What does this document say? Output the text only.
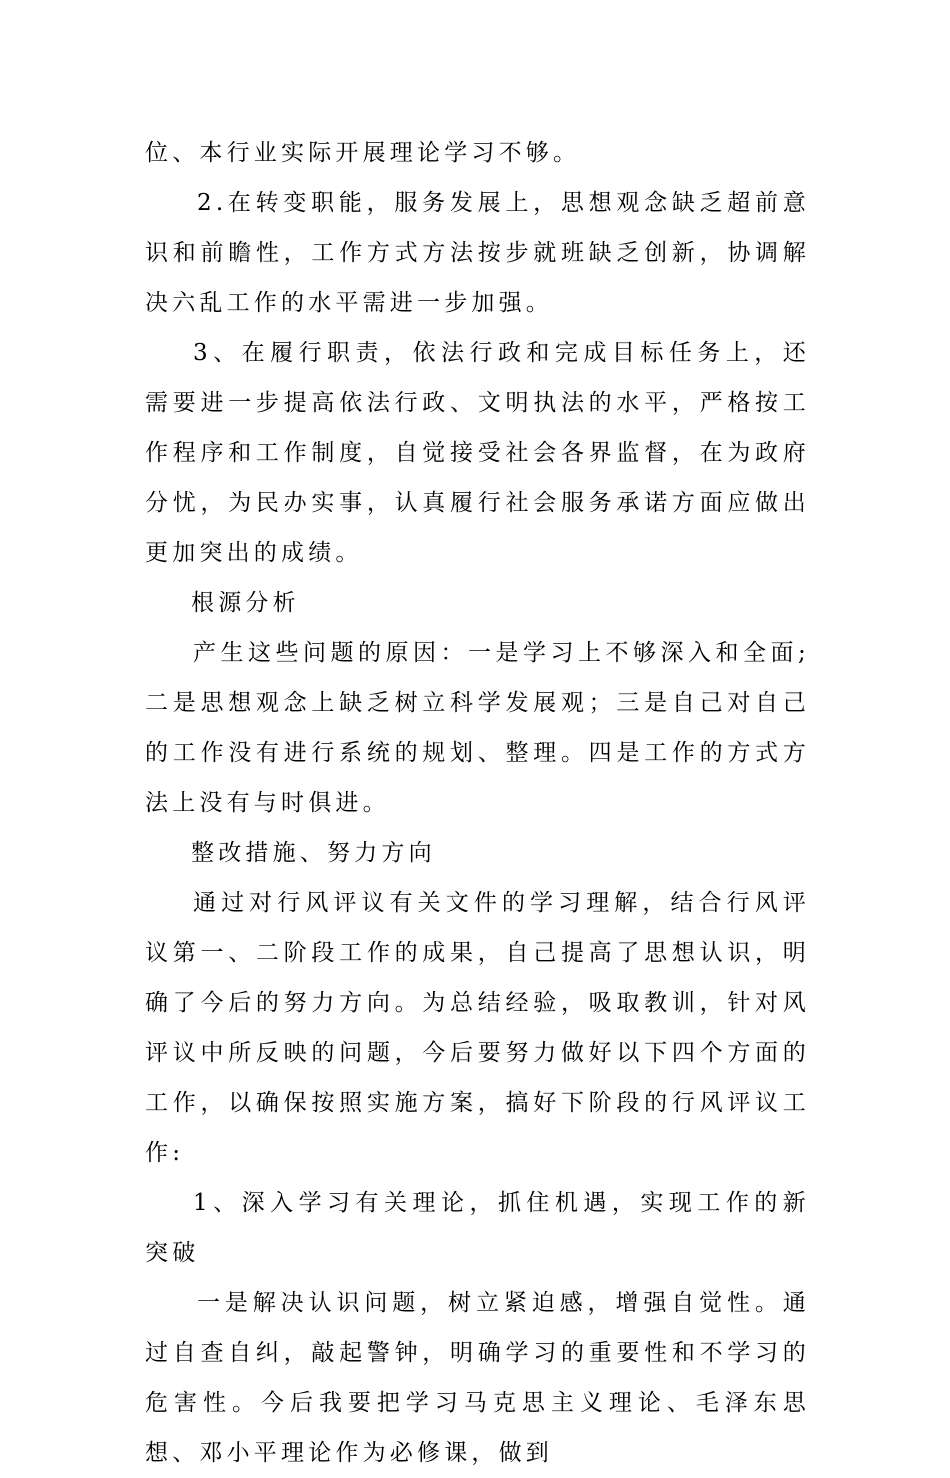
位、本行业实际开展理论学习不够。

2.在转变职能，服务发展上，思想观念缺乏超前意识和前瞻性，工作方式方法按步就班缺乏创新，协调解决六乱工作的水平需进一步加强。

3、在履行职责，依法行政和完成目标任务上，还需要进一步提高依法行政、文明执法的水平，严格按工作程序和工作制度，自觉接受社会各界监督，在为政府分忧，为民办实事，认真履行社会服务承诺方面应做出更加突出的成绩。

根源分析

产生这些问题的原因：一是学习上不够深入和全面;二是思想观念上缺乏树立科学发展观；三是自己对自己的工作没有进行系统的规划、整理。四是工作的方式方法上没有与时俱进。

整改措施、努力方向

通过对行风评议有关文件的学习理解，结合行风评议第一、二阶段工作的成果，自己提高了思想认识，明确了今后的努力方向。为总结经验，吸取教训，针对风评议中所反映的问题，今后要努力做好以下四个方面的工作，以确保按照实施方案，搞好下阶段的行风评议工作:

1、深入学习有关理论，抓住机遇，实现工作的新突破

一是解决认识问题，树立紧迫感，增强自觉性。通过自查自纠，敲起警钟，明确学习的重要性和不学习的危害性。今后我要把学习马克思主义理论、毛泽东思想、邓小平理论作为必修课，做到
